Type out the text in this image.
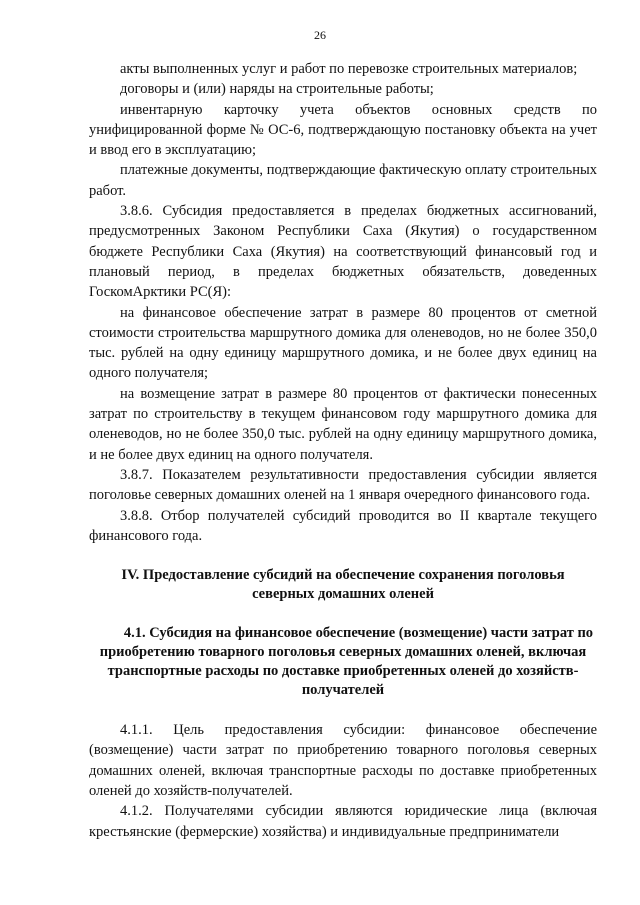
26

акты выполненных услуг и работ по перевозке строительных материалов;

договоры и (или) наряды на строительные работы;

инвентарную карточку учета объектов основных средств по унифицированной форме № ОС-6, подтверждающую постановку объекта на учет и ввод его в эксплуатацию;

платежные документы, подтверждающие фактическую оплату строительных работ.

3.8.6. Субсидия предоставляется в пределах бюджетных ассигнований, предусмотренных Законом Республики Саха (Якутия) о государственном бюджете Республики Саха (Якутия) на соответствующий финансовый год и плановый период, в пределах бюджетных обязательств, доведенных ГоскомАрктики РС(Я):

на финансовое обеспечение затрат в размере 80 процентов от сметной стоимости строительства маршрутного домика для оленеводов, но не более 350,0 тыс. рублей на одну единицу маршрутного домика, и не более двух единиц на одного получателя;

на возмещение затрат в размере 80 процентов от фактически понесенных затрат по строительству в текущем финансовом году маршрутного домика для оленеводов, но не более 350,0 тыс. рублей на одну единицу маршрутного домика, и не более двух единиц на одного получателя.

3.8.7. Показателем результативности предоставления субсидии является поголовье северных домашних оленей на 1 января очередного финансового года.

3.8.8. Отбор получателей субсидий проводится во II квартале текущего финансового года.

IV. Предоставление субсидий на обеспечение сохранения поголовья северных домашних оленей

4.1. Субсидия на финансовое обеспечение (возмещение) части затрат по приобретению товарного поголовья северных домашних оленей, включая транспортные расходы по доставке приобретенных оленей до хозяйств-получателей

4.1.1. Цель предоставления субсидии: финансовое обеспечение (возмещение) части затрат по приобретению товарного поголовья северных домашних оленей, включая транспортные расходы по доставке приобретенных оленей до хозяйств-получателей.

4.1.2. Получателями субсидии являются юридические лица (включая крестьянские (фермерские) хозяйства) и индивидуальные предприниматели
